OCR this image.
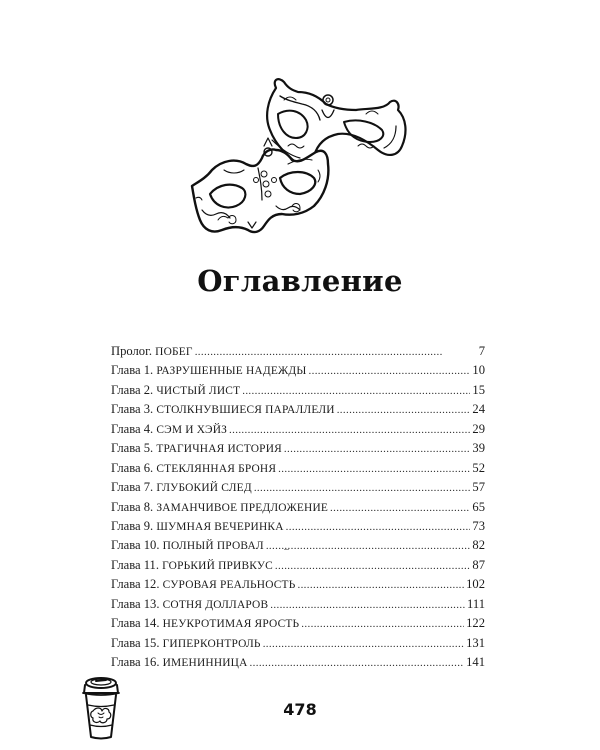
Оглавление
Пролог. ПОБЕГ . . .	7
Глава 1. РАЗРУШЕННЫЕ НАДЕЖДЫ . . .	10
Глава 2. ЧИСТЫЙ ЛИСТ . . .	15
Глава 3. СТОЛКНУВШИЕСЯ ПАРАЛЛЕЛИ . . .	24
Глава 4. СЭМ И ХЭЙЗ . . .	29
Глава 5. ТРАГИЧНАЯ ИСТОРИЯ . . .	39
Глава 6. СТЕКЛЯННАЯ БРОНЯ . . .	52
Глава 7. ГЛУБОКИЙ СЛЕД . . .	57
Глава 8. ЗАМАНЧИВОЕ ПРЕДЛОЖЕНИЕ . . .	65
Глава 9. ШУМНАЯ ВЕЧЕРИНКА . . .	73
Глава 10. ПОЛНЫЙ ПРОВАЛ . . .	82
Глава 11. ГОРЬКИЙ ПРИВКУС . . .	87
Глава 12. СУРОВАЯ РЕАЛЬНОСТЬ . . .	102
Глава 13. СОТНЯ ДОЛЛАРОВ . . .	111
Глава 14. НЕУКРОТИМАЯ ЯРОСТЬ . . .	122
Глава 15. ГИПЕРКОНТРОЛЬ . . .	131
Глава 16. ИМЕНИННИЦА . . .	141
478
